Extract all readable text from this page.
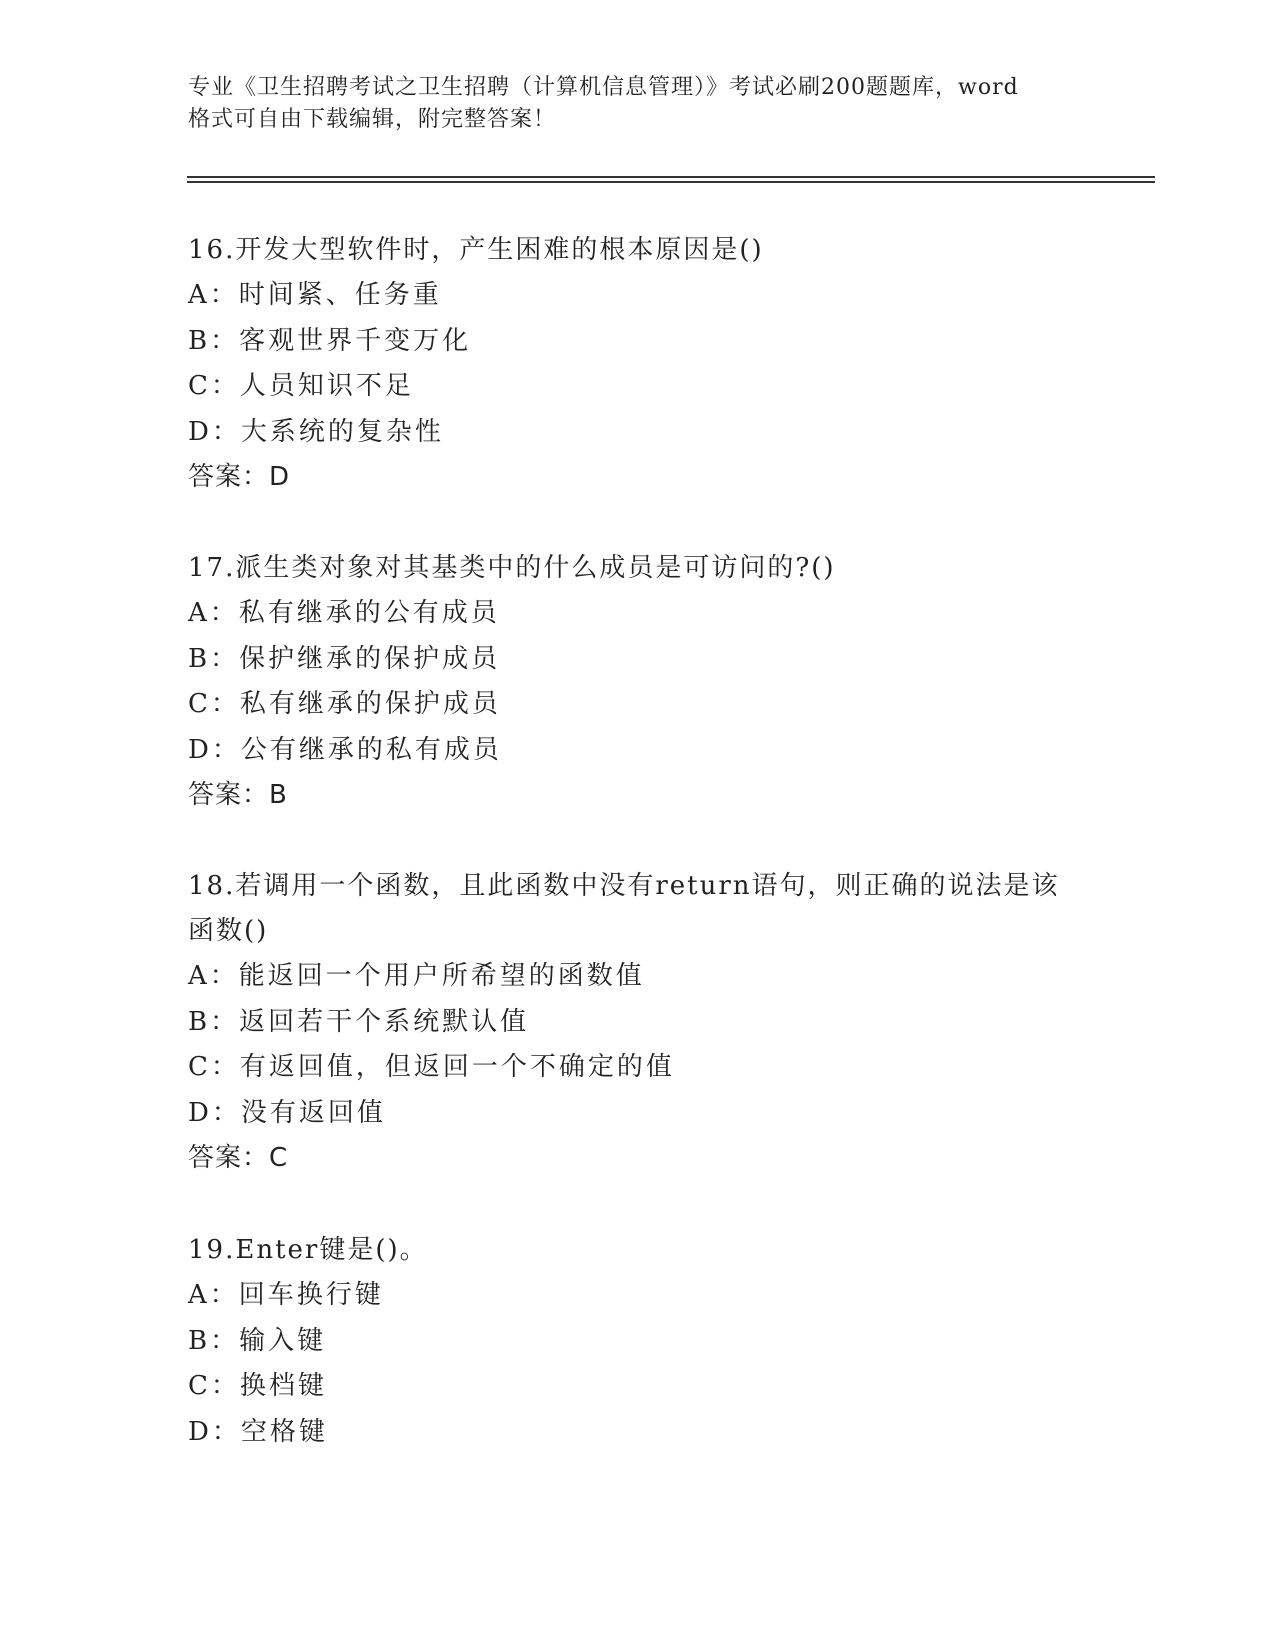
专业《卫生招聘考试之卫生招聘（计算机信息管理）》考试必刷200题题库，word
格式可自由下载编辑，附完整答案！
16.开发大型软件时，产生困难的根本原因是()
A：时间紧、任务重
B：客观世界千变万化
C：人员知识不足
D：大系统的复杂性
答案：D
17.派生类对象对其基类中的什么成员是可访问的?()
A：私有继承的公有成员
B：保护继承的保护成员
C：私有继承的保护成员
D：公有继承的私有成员
答案：B
18.若调用一个函数，且此函数中没有return语句，则正确的说法是该函数()
A：能返回一个用户所希望的函数值
B：返回若干个系统默认值
C：有返回值，但返回一个不确定的值
D：没有返回值
答案：C
19.Enter键是()。
A：回车换行键
B：输入键
C：换档键
D：空格键
